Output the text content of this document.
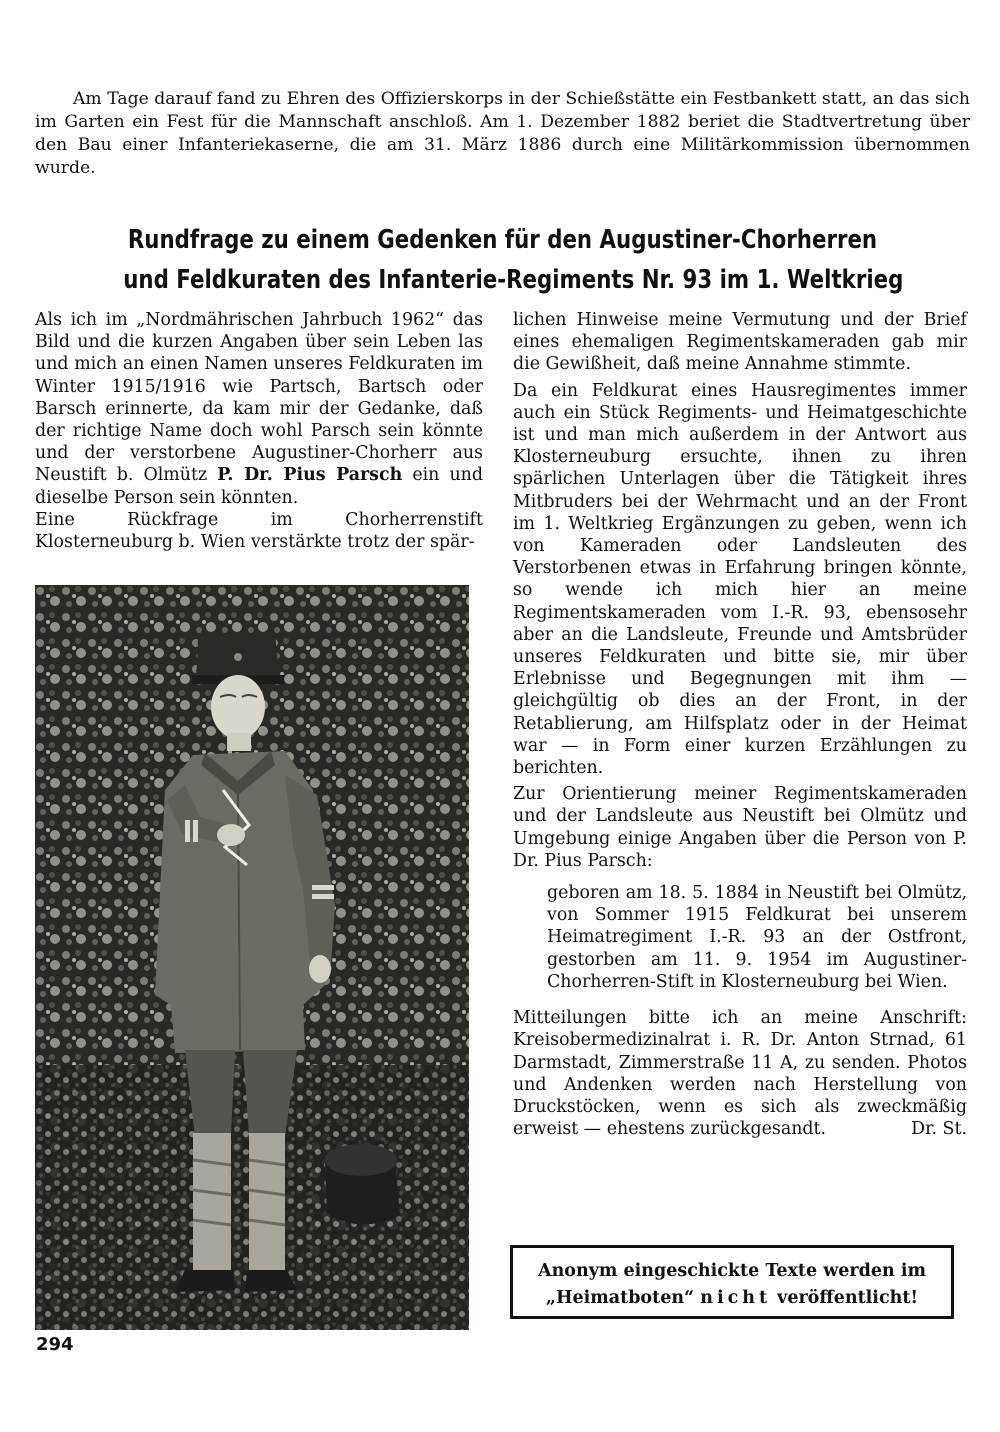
Am Tage darauf fand zu Ehren des Offizierskorps in der Schießstätte ein Festbankett statt, an das sich im Garten ein Fest für die Mannschaft anschloß. Am 1. Dezember 1882 beriet die Stadtvertretung über den Bau einer Infanteriekaserne, die am 31. März 1886 durch eine Militärkommission übernommen wurde.

Rundfrage zu einem Gedenken für den Augustiner-Chorherren
und Feldkuraten des Infanterie-Regiments Nr. 93 im 1. Weltkrieg

Als ich im „Nordmährischen Jahrbuch 1962“ das Bild und die kurzen Angaben über sein Leben las und mich an einen Namen unseres Feldkuraten im Winter 1915/1916 wie Partsch, Bartsch oder Barsch erinnerte, da kam mir der Gedanke, daß der richtige Name doch wohl Parsch sein könnte und der verstorbene Augustiner-Chorherr aus Neustift b. Olmütz P. Dr. Pius Parsch ein und dieselbe Person sein könnten.

Eine Rückfrage im Chorherrenstift Klosterneuburg b. Wien verstärkte trotz der spär-

lichen Hinweise meine Vermutung und der Brief eines ehemaligen Regimentskameraden gab mir die Gewißheit, daß meine Annahme stimmte.

Da ein Feldkurat eines Hausregimentes immer auch ein Stück Regiments- und Heimatgeschichte ist und man mich außerdem in der Antwort aus Klosterneuburg ersuchte, ihnen zu ihren spärlichen Unterlagen über die Tätigkeit ihres Mitbruders bei der Wehrmacht und an der Front im 1. Weltkrieg Ergänzungen zu geben, wenn ich von Kameraden oder Landsleuten des Verstorbenen etwas in Erfahrung bringen könnte, so wende ich mich hier an meine Regimentskameraden vom I.-R. 93, ebensosehr aber an die Landsleute, Freunde und Amtsbrüder unseres Feldkuraten und bitte sie, mir über Erlebnisse und Begegnungen mit ihm — gleichgültig ob dies an der Front, in der Retablierung, am Hilfsplatz oder in der Heimat war — in Form einer kurzen Erzählungen zu berichten.

Zur Orientierung meiner Regimentskameraden und der Landsleute aus Neustift bei Olmütz und Umgebung einige Angaben über die Person von P. Dr. Pius Parsch:

geboren am 18. 5. 1884 in Neustift bei Olmütz, von Sommer 1915 Feldkurat bei unserem Heimatregiment I.-R. 93 an der Ostfront, gestorben am 11. 9. 1954 im Augustiner-Chorherren-Stift in Klosterneuburg bei Wien.

Mitteilungen bitte ich an meine Anschrift: Kreisobermedizinalrat i. R. Dr. Anton Strnad, 61 Darmstadt, Zimmerstraße 11 A, zu senden. Photos und Andenken werden nach Herstellung von Druckstöcken, wenn es sich als zweckmäßig erweist — ehestens zurückgesandt.	Dr. St.

Anonym eingeschickte Texte werden im
„Heimatboten“ nicht veröffentlicht!
294
